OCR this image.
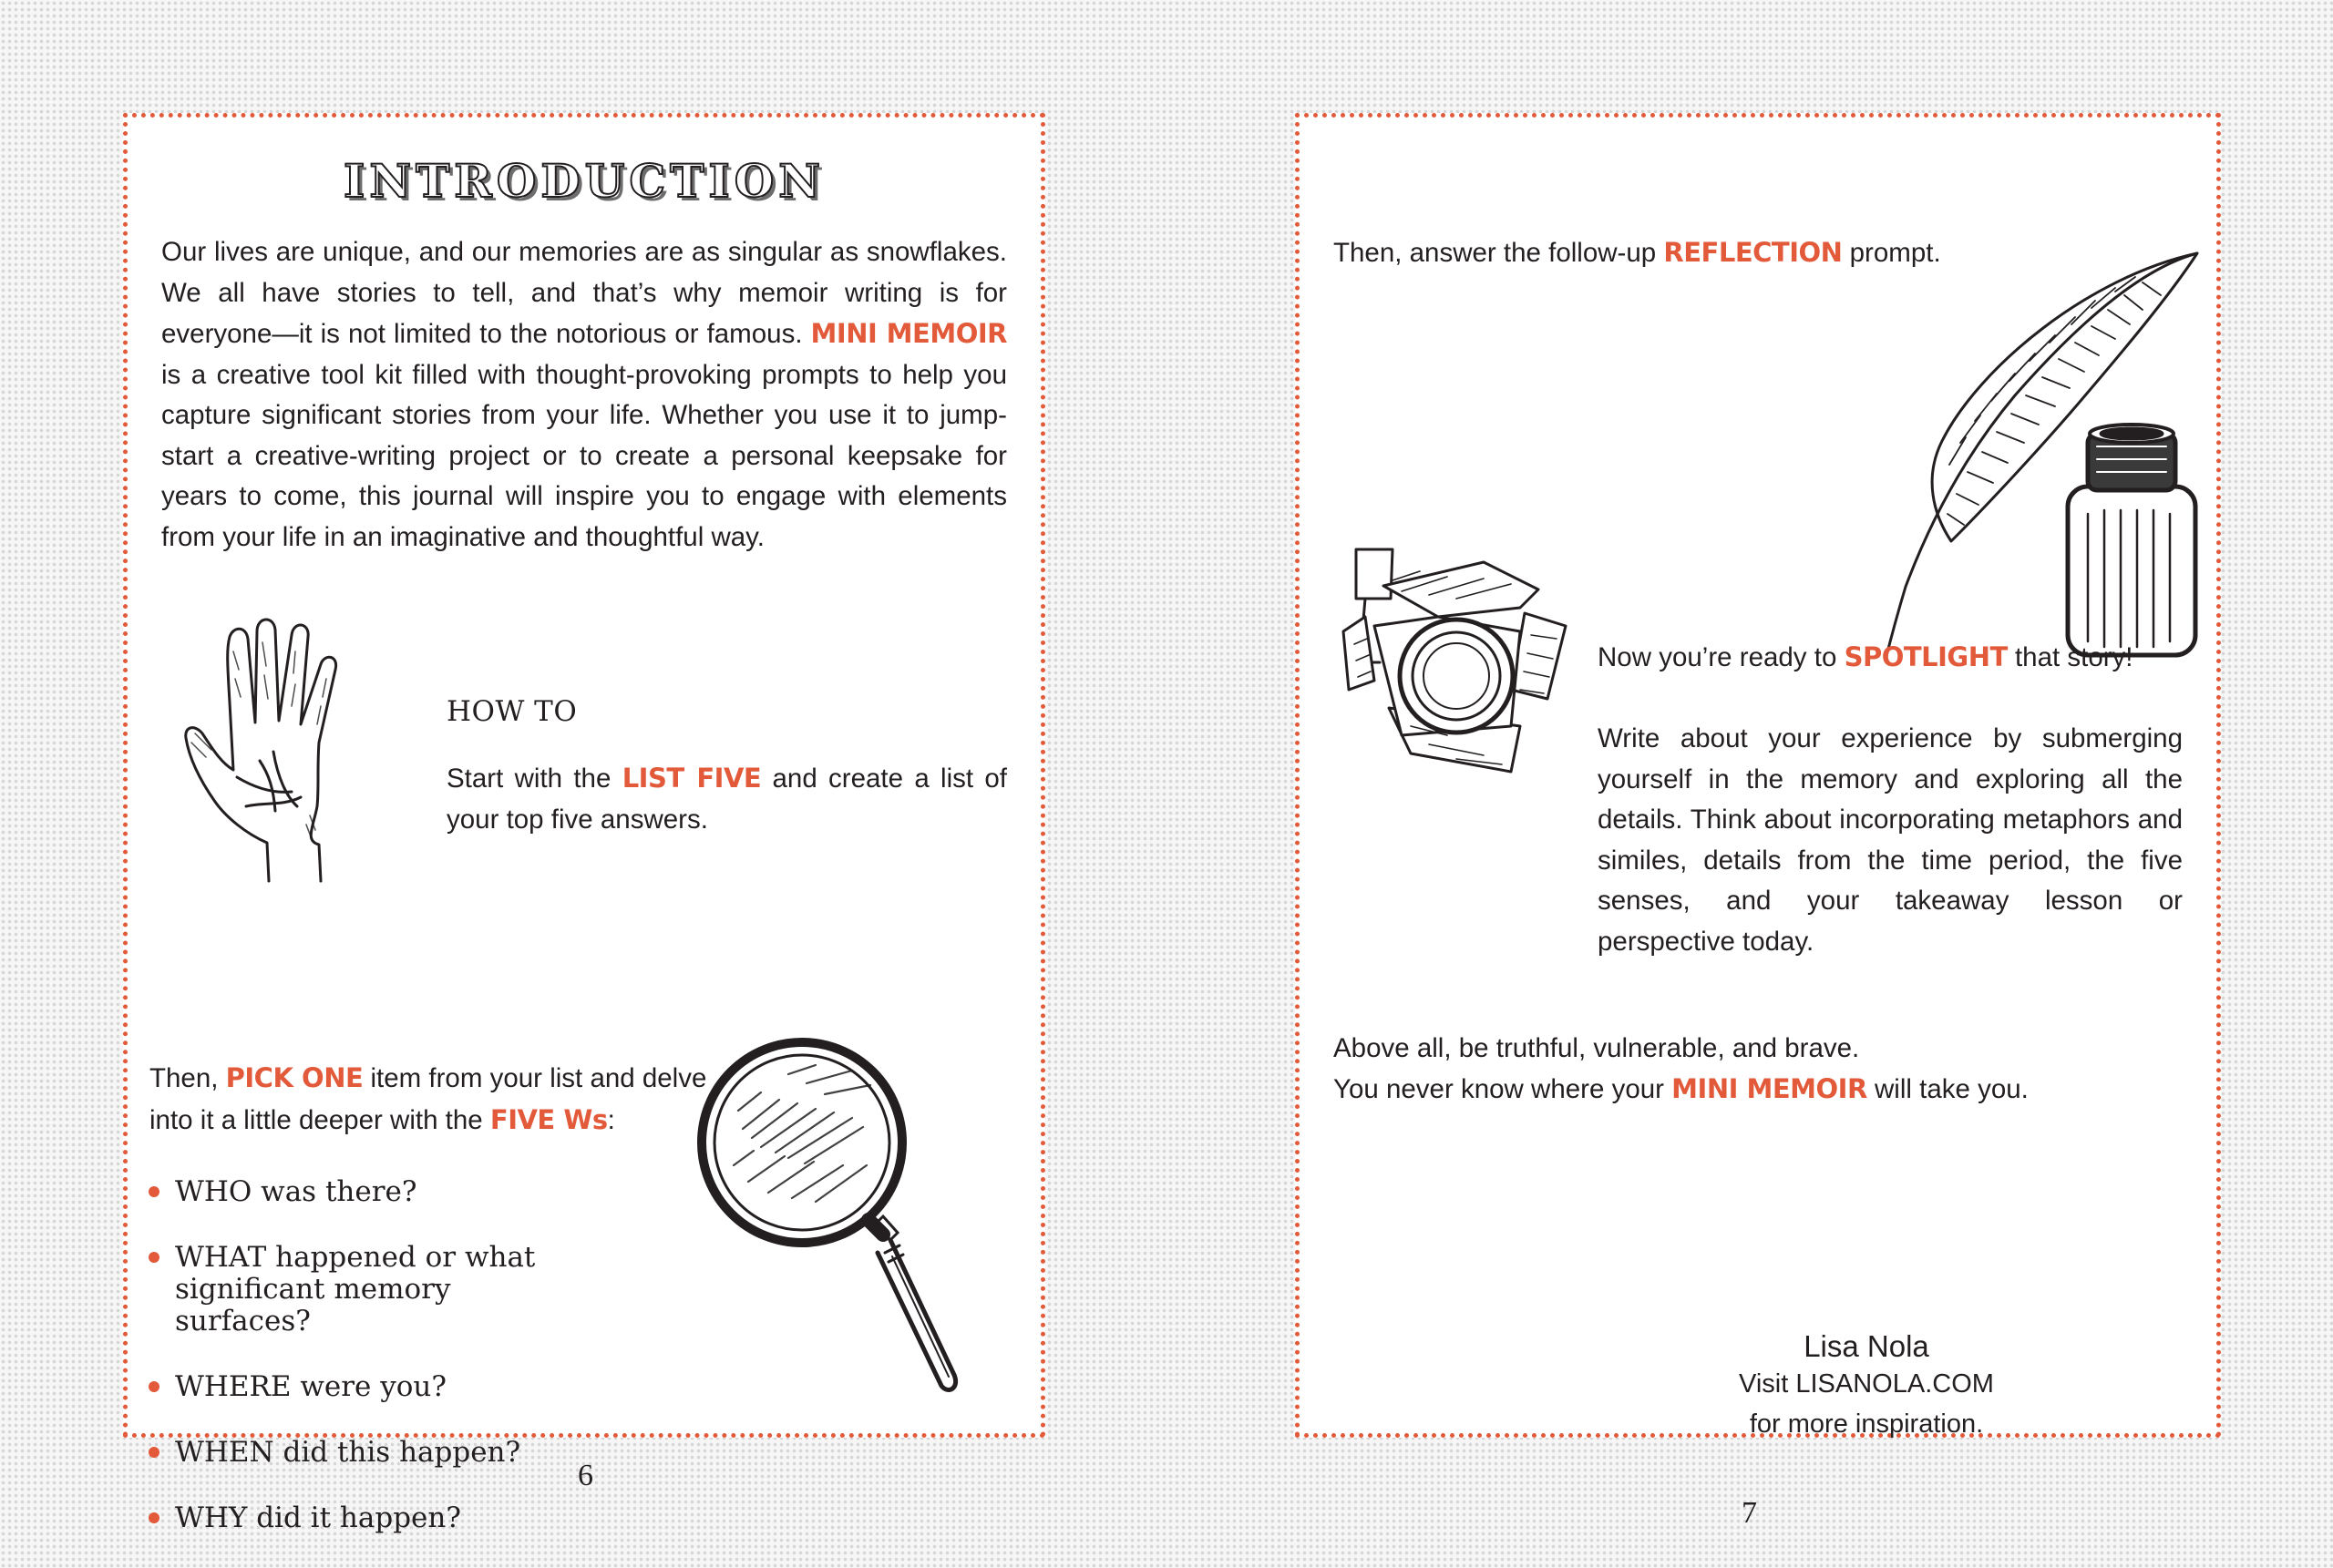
INTRODUCTION
Our lives are unique, and our memories are as singular as snowflakes. We all have stories to tell, and that’s why memoir writing is for everyone—it is not limited to the notorious or famous. MINI MEMOIR is a creative tool kit filled with thought-provoking prompts to help you capture significant stories from your life. Whether you use it to jump-start a creative-writing project or to create a personal keepsake for years to come, this journal will inspire you to engage with elements from your life in an imaginative and thoughtful way.
HOW TO
Start with the LIST FIVE and create a list of your top five answers.
Then, PICK ONE item from your list and delve into it a little deeper with the FIVE Ws:
WHO was there?
WHAT happened or what significant memory surfaces?
WHERE were you?
WHEN did this happen?
WHY did it happen?
6
Then, answer the follow-up REFLECTION prompt.
Now you’re ready to SPOTLIGHT that story!
Write about your experience by submerging yourself in the memory and exploring all the details. Think about incorporating metaphors and similes, details from the time period, the five senses, and your takeaway lesson or perspective today.
Above all, be truthful, vulnerable, and brave.
You never know where your MINI MEMOIR will take you.
Lisa Nola
Visit LISANOLA.COM
for more inspiration.
7
